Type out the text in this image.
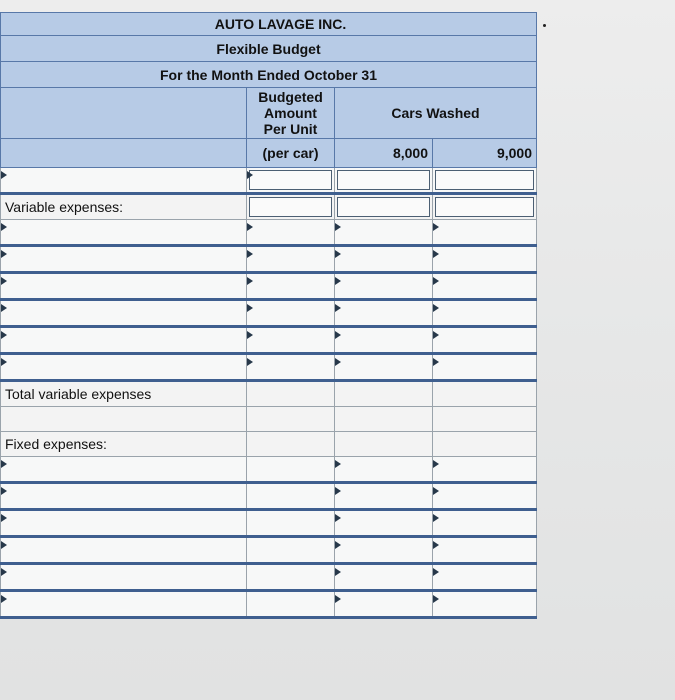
AUTO LAVAGE INC.			
Flexible Budget			
For the Month Ended October 31			

	Budgeted
Amount
Per Unit	Cars Washed	
	(per car)	8,000	9,000

Variable expenses:	

Total variable expenses			

Fixed expenses:			
